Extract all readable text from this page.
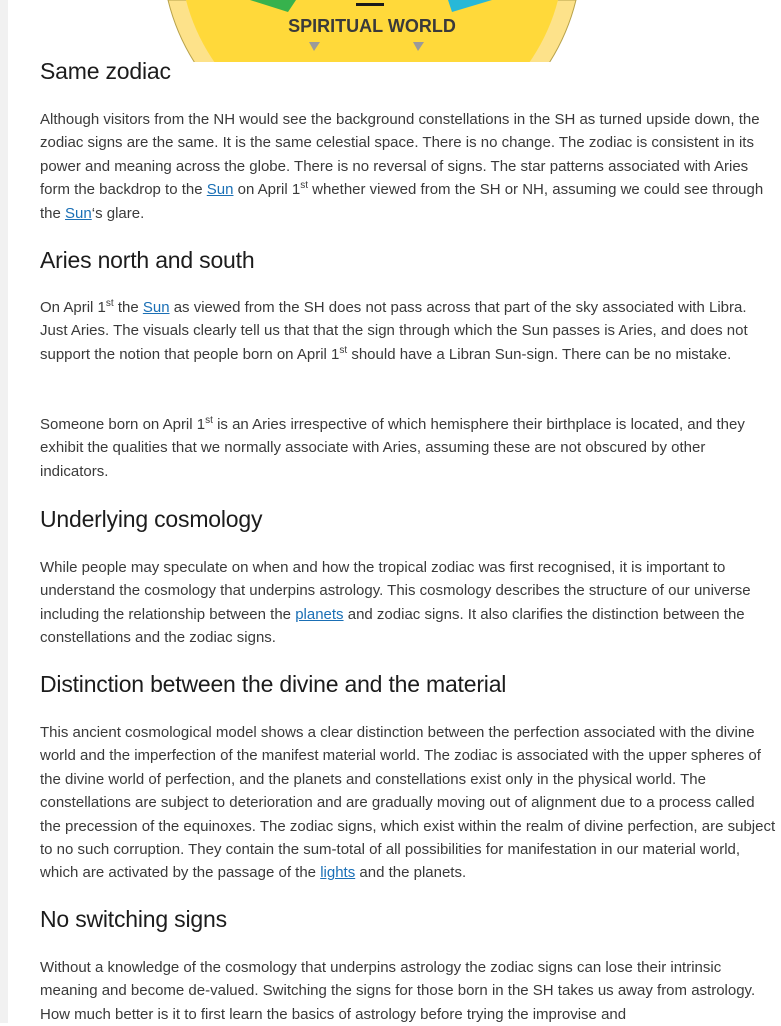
SPIRITUAL WORLD
Same zodiac

Although visitors from the NH would see the background constellations in the SH as turned upside down, the zodiac signs are the same. It is the same celestial space. There is no change. The zodiac is consistent in its power and meaning across the globe. There is no reversal of signs. The star patterns associated with Aries form the backdrop to the Sun on April 1st whether viewed from the SH or NH, assuming we could see through the Sun‘s glare.

Aries north and south

On April 1st the Sun as viewed from the SH does not pass across that part of the sky associated with Libra. Just Aries. The visuals clearly tell us that that the sign through which the Sun passes is Aries, and does not support the notion that people born on April 1st should have a Libran Sun-sign. There can be no mistake.

Someone born on April 1st is an Aries irrespective of which hemisphere their birthplace is located, and they exhibit the qualities that we normally associate with Aries, assuming these are not obscured by other indicators.

Underlying cosmology

While people may speculate on when and how the tropical zodiac was first recognised, it is important to understand the cosmology that underpins astrology. This cosmology describes the structure of our universe including the relationship between the planets and zodiac signs. It also clarifies the distinction between the constellations and the zodiac signs.

Distinction between the divine and the material

This ancient cosmological model shows a clear distinction between the perfection associated with the divine world and the imperfection of the manifest material world. The zodiac is associated with the upper spheres of the divine world of perfection, and the planets and constellations exist only in the physical world. The constellations are subject to deterioration and are gradually moving out of alignment due to a process called the precession of the equinoxes. The zodiac signs, which exist within the realm of divine perfection, are subject to no such corruption. They contain the sum-total of all possibilities for manifestation in our material world, which are activated by the passage of the lights and the planets.

No switching signs

Without a knowledge of the cosmology that underpins astrology the zodiac signs can lose their intrinsic meaning and become de-valued. Switching the signs for those born in the SH takes us away from astrology. How much better is it to first learn the basics of astrology before trying the improvise and
